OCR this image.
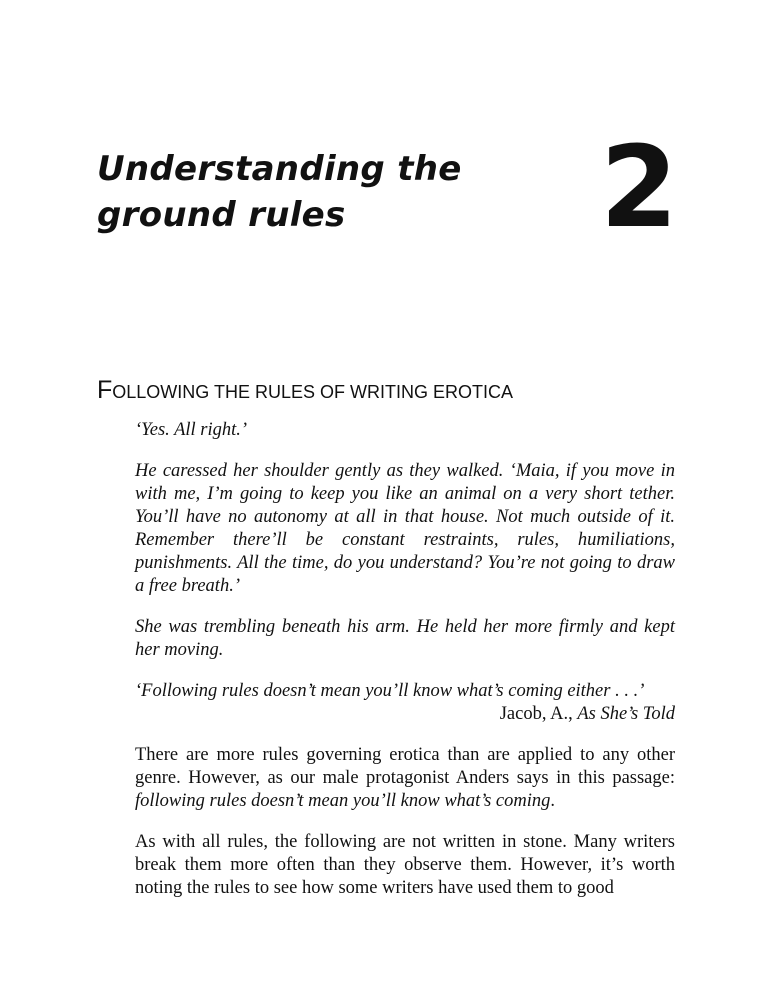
Understanding the
ground rules	2
FOLLOWING THE RULES OF WRITING EROTICA

‘Yes. All right.’

He caressed her shoulder gently as they walked. ‘Maia, if you move in with me, I’m going to keep you like an animal on a very short tether. You’ll have no autonomy at all in that house. Not much outside of it. Remember there’ll be constant restraints, rules, humiliations, punishments. All the time, do you understand? You’re not going to draw a free breath.’

She was trembling beneath his arm. He held her more firmly and kept her moving.

‘Following rules doesn’t mean you’ll know what’s coming either . . .’

Jacob, A., As She’s Told

There are more rules governing erotica than are applied to any other genre. However, as our male protagonist Anders says in this passage: following rules doesn’t mean you’ll know what’s coming.

As with all rules, the following are not written in stone. Many writers break them more often than they observe them. However, it’s worth noting the rules to see how some writers have used them to good
